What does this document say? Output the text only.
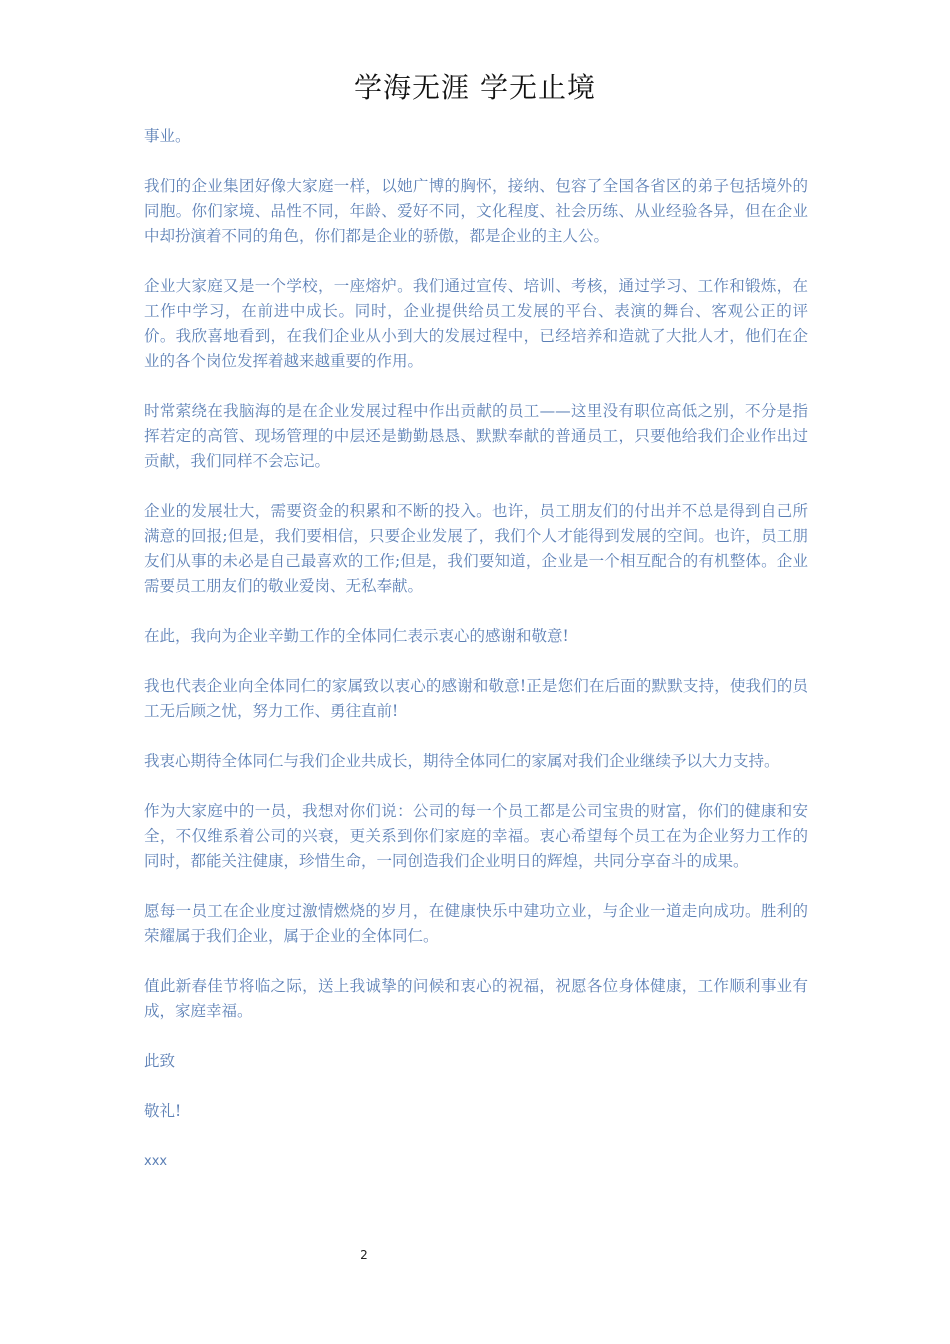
学海无涯 学无止境

事业。

我们的企业集团好像大家庭一样，以她广博的胸怀，接纳、包容了全国各省区的弟子包括境外的同胞。你们家境、品性不同，年龄、爱好不同，文化程度、社会历练、从业经验各异，但在企业中却扮演着不同的角色，你们都是企业的骄傲，都是企业的主人公。

企业大家庭又是一个学校，一座熔炉。我们通过宣传、培训、考核，通过学习、工作和锻炼，在工作中学习，在前进中成长。同时，企业提供给员工发展的平台、表演的舞台、客观公正的评价。我欣喜地看到，在我们企业从小到大的发展过程中，已经培养和造就了大批人才，他们在企业的各个岗位发挥着越来越重要的作用。

时常萦绕在我脑海的是在企业发展过程中作出贡献的员工——这里没有职位高低之别，不分是指挥若定的高管、现场管理的中层还是勤勤恳恳、默默奉献的普通员工，只要他给我们企业作出过贡献，我们同样不会忘记。

企业的发展壮大，需要资金的积累和不断的投入。也许，员工朋友们的付出并不总是得到自己所满意的回报;但是，我们要相信，只要企业发展了，我们个人才能得到发展的空间。也许，员工朋友们从事的未必是自己最喜欢的工作;但是，我们要知道，企业是一个相互配合的有机整体。企业需要员工朋友们的敬业爱岗、无私奉献。

在此，我向为企业辛勤工作的全体同仁表示衷心的感谢和敬意!

我也代表企业向全体同仁的家属致以衷心的感谢和敬意!正是您们在后面的默默支持，使我们的员工无后顾之忧，努力工作、勇往直前!

我衷心期待全体同仁与我们企业共成长，期待全体同仁的家属对我们企业继续予以大力支持。

作为大家庭中的一员，我想对你们说：公司的每一个员工都是公司宝贵的财富，你们的健康和安全，不仅维系着公司的兴衰，更关系到你们家庭的幸福。衷心希望每个员工在为企业努力工作的同时，都能关注健康，珍惜生命，一同创造我们企业明日的辉煌，共同分享奋斗的成果。

愿每一员工在企业度过激情燃烧的岁月，在健康快乐中建功立业，与企业一道走向成功。胜利的荣耀属于我们企业，属于企业的全体同仁。

值此新春佳节将临之际，送上我诚挚的问候和衷心的祝福，祝愿各位身体健康，工作顺利事业有成，家庭幸福。

此致

敬礼!

xxx

2
